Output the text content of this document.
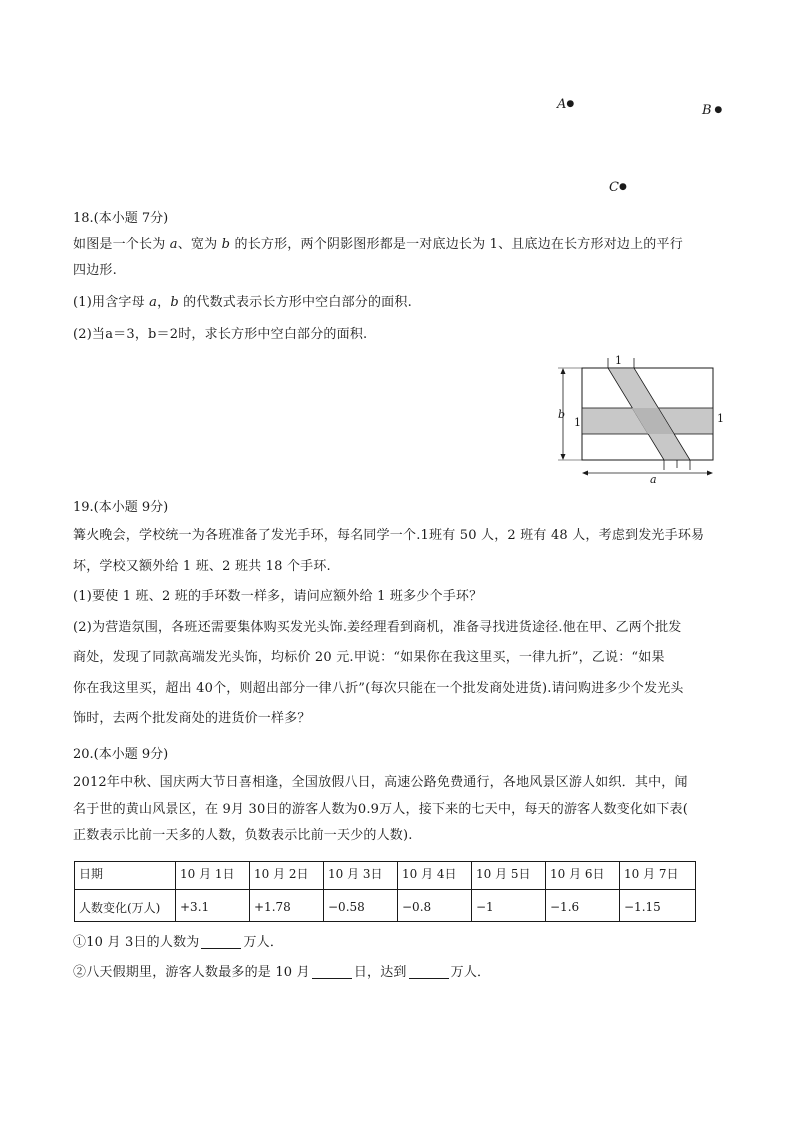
A●	B ●
C●
18.(本小题 7分)
如图是一个长为 a、宽为 b 的长方形，两个阴影图形都是一对底边长为 1、且底边在长方形对边上的平行
四边形.
(1)用含字母 a，b 的代数式表示长方形中空白部分的面积.
(2)当a＝3，b＝2时，求长方形中空白部分的面积.
1
a
b
1	1
19.(本小题 9分)
篝火晚会，学校统一为各班准备了发光手环，每名同学一个.1班有 50 人，2 班有 48 人，考虑到发光手环易
坏，学校又额外给 1 班、2 班共 18 个手环.
(1)要使 1 班、2 班的手环数一样多，请问应额外给 1 班多少个手环？
(2)为营造氛围，各班还需要集体购买发光头饰.姜经理看到商机，准备寻找进货途径.他在甲、乙两个批发
商处，发现了同款高端发光头饰，均标价 20 元.甲说：“如果你在我这里买，一律九折”，乙说：“如果
你在我这里买，超出 40个，则超出部分一律八折”(每次只能在一个批发商处进货).请问购进多少个发光头
饰时，去两个批发商处的进货价一样多？
20.(本小题 9分)
2012年中秋、国庆两大节日喜相逢，全国放假八日，高速公路免费通行，各地风景区游人如织．其中，闻
名于世的黄山风景区，在 9月 30日的游客人数为0.9万人，接下来的七天中，每天的游客人数变化如下表(
正数表示比前一天多的人数，负数表示比前一天少的人数).
日期	10 月 1日	10 月 2日	10 月 3日	10 月 4日	10 月 5日	10 月 6日	10 月 7日
人数变化(万人)	+3.1	+1.78	−0.58	−0.8	−1	−1.6	−1.15
①10 月 3日的人数为	万人．
②八天假期里，游客人数最多的是 10 月	日，达到	万人．
